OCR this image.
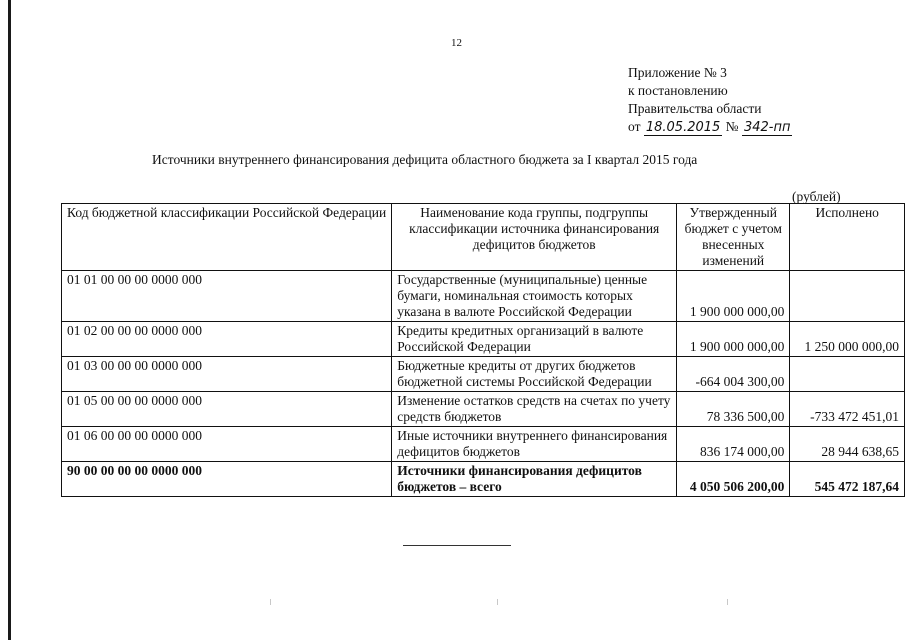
12
Приложение № 3
к постановлению
Правительства области
от 18.05.2015 № 342-пп
Источники внутреннего финансирования дефицита областного бюджета за I квартал 2015 года
(рублей)
Код бюджетной классификации Российской Федерации	Наименование кода группы, подгруппы классификации источника финансирования дефицитов бюджетов	Утвержденный бюджет с учетом внесенных изменений	Исполнено
01 01 00 00 00 0000 000	Государственные (муниципальные) ценные бумаги, номинальная стоимость которых указана в валюте Российской Федерации	1 900 000 000,00	
01 02 00 00 00 0000 000	Кредиты кредитных организаций в валюте Российской Федерации	1 900 000 000,00	1 250 000 000,00
01 03 00 00 00 0000 000	Бюджетные кредиты от других бюджетов бюджетной системы Российской Федерации	-664 004 300,00	
01 05 00 00 00 0000 000	Изменение остатков средств на счетах по учету средств бюджетов	78 336 500,00	-733 472 451,01
01 06 00 00 00 0000 000	Иные источники внутреннего финансирования дефицитов бюджетов	836 174 000,00	28 944 638,65
90 00 00 00 00 0000 000	Источники финансирования дефицитов бюджетов – всего	4 050 506 200,00	545 472 187,64
